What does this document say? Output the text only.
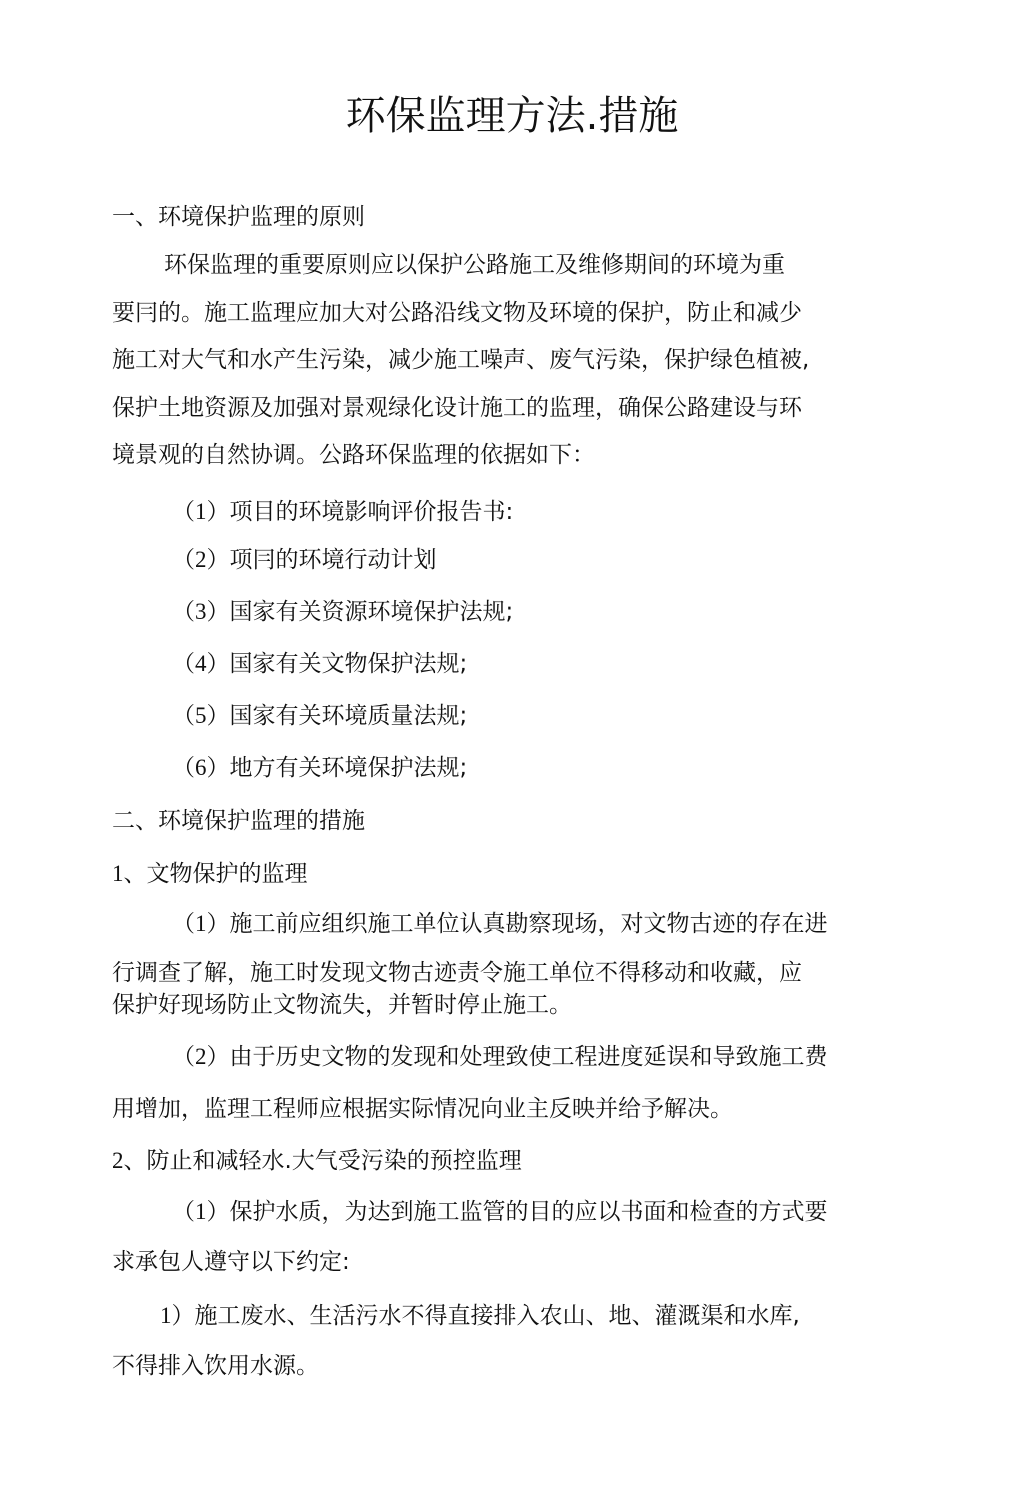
环保监理方法.措施
一、环境保护监理的原则
环保监理的重要原则应以保护公路施工及维修期间的环境为重
要冃的。施工监理应加大对公路沿线文物及环境的保护，防止和减少
施工对大气和水产生污染，减少施工噪声、废气污染，保护绿色植被,
保护土地资源及加强对景观绿化设计施工的监理，确保公路建设与环
境景观的自然协调。公路环保监理的依据如下：
（1）项目的环境影响评价报告书:
（2）项冃的环境行动计划
（3）国家有关资源环境保护法规;
（4）国家有关文物保护法规;
（5）国家有关环境质量法规;
（6）地方有关环境保护法规;
二、环境保护监理的措施
1、文物保护的监理
（1）施工前应组织施工单位认真勘察现场，对文物古迹的存在进
行调查了解，施工时发现文物古迹责令施工单位不得移动和收藏，应
保护好现场防止文物流失，并暂时停止施工。
（2）由于历史文物的发现和处理致使工程进度延误和导致施工费
用增加，监理工程师应根据实际情况向业主反映并给予解决。
2、防止和减轻水.大气受污染的预控监理
（1）保护水质，为达到施工监管的目的应以书面和检查的方式要
求承包人遵守以下约定:
1）施工废水、生活污水不得直接排入农山、地、灌溉渠和水库,
不得排入饮用水源。
